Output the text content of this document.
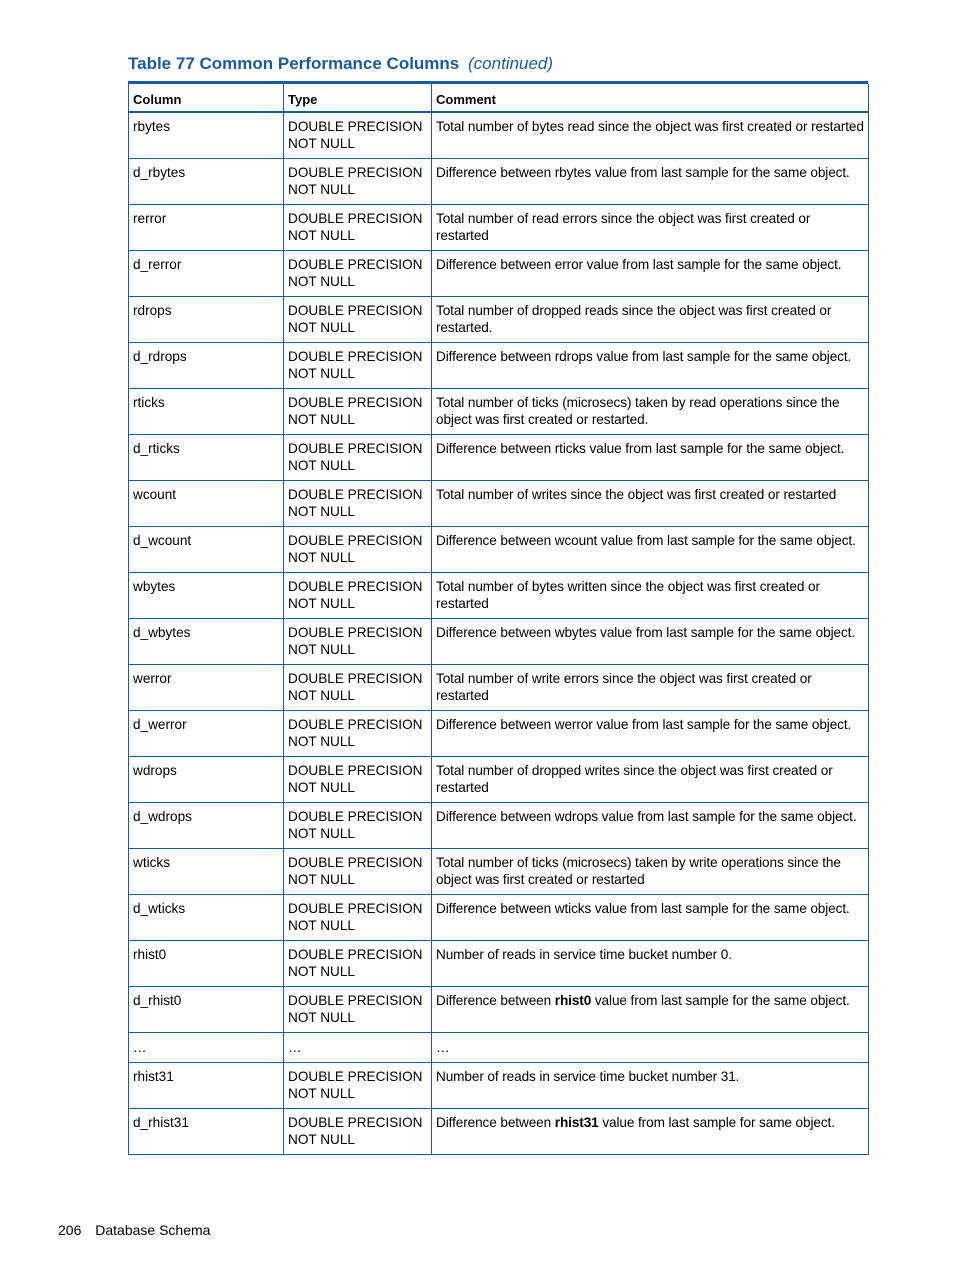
Table 77 Common Performance Columns (continued)
Column	Type	Comment
rbytes	DOUBLE PRECISION NOT NULL	Total number of bytes read since the object was first created or restarted
d_rbytes	DOUBLE PRECISION NOT NULL	Difference between rbytes value from last sample for the same object.
rerror	DOUBLE PRECISION NOT NULL	Total number of read errors since the object was first created or restarted
d_rerror	DOUBLE PRECISION NOT NULL	Difference between error value from last sample for the same object.
rdrops	DOUBLE PRECISION NOT NULL	Total number of dropped reads since the object was first created or restarted.
d_rdrops	DOUBLE PRECISION NOT NULL	Difference between rdrops value from last sample for the same object.
rticks	DOUBLE PRECISION NOT NULL	Total number of ticks (microsecs) taken by read operations since the object was first created or restarted.
d_rticks	DOUBLE PRECISION NOT NULL	Difference between rticks value from last sample for the same object.
wcount	DOUBLE PRECISION NOT NULL	Total number of writes since the object was first created or restarted
d_wcount	DOUBLE PRECISION NOT NULL	Difference between wcount value from last sample for the same object.
wbytes	DOUBLE PRECISION NOT NULL	Total number of bytes written since the object was first created or restarted
d_wbytes	DOUBLE PRECISION NOT NULL	Difference between wbytes value from last sample for the same object.
werror	DOUBLE PRECISION NOT NULL	Total number of write errors since the object was first created or restarted
d_werror	DOUBLE PRECISION NOT NULL	Difference between werror value from last sample for the same object.
wdrops	DOUBLE PRECISION NOT NULL	Total number of dropped writes since the object was first created or restarted
d_wdrops	DOUBLE PRECISION NOT NULL	Difference between wdrops value from last sample for the same object.
wticks	DOUBLE PRECISION NOT NULL	Total number of ticks (microsecs) taken by write operations since the object was first created or restarted
d_wticks	DOUBLE PRECISION NOT NULL	Difference between wticks value from last sample for the same object.
rhist0	DOUBLE PRECISION NOT NULL	Number of reads in service time bucket number 0.
d_rhist0	DOUBLE PRECISION NOT NULL	Difference between rhist0 value from last sample for the same object.
…	…	…
rhist31	DOUBLE PRECISION NOT NULL	Number of reads in service time bucket number 31.
d_rhist31	DOUBLE PRECISION NOT NULL	Difference between rhist31 value from last sample for same object.
206 Database Schema
